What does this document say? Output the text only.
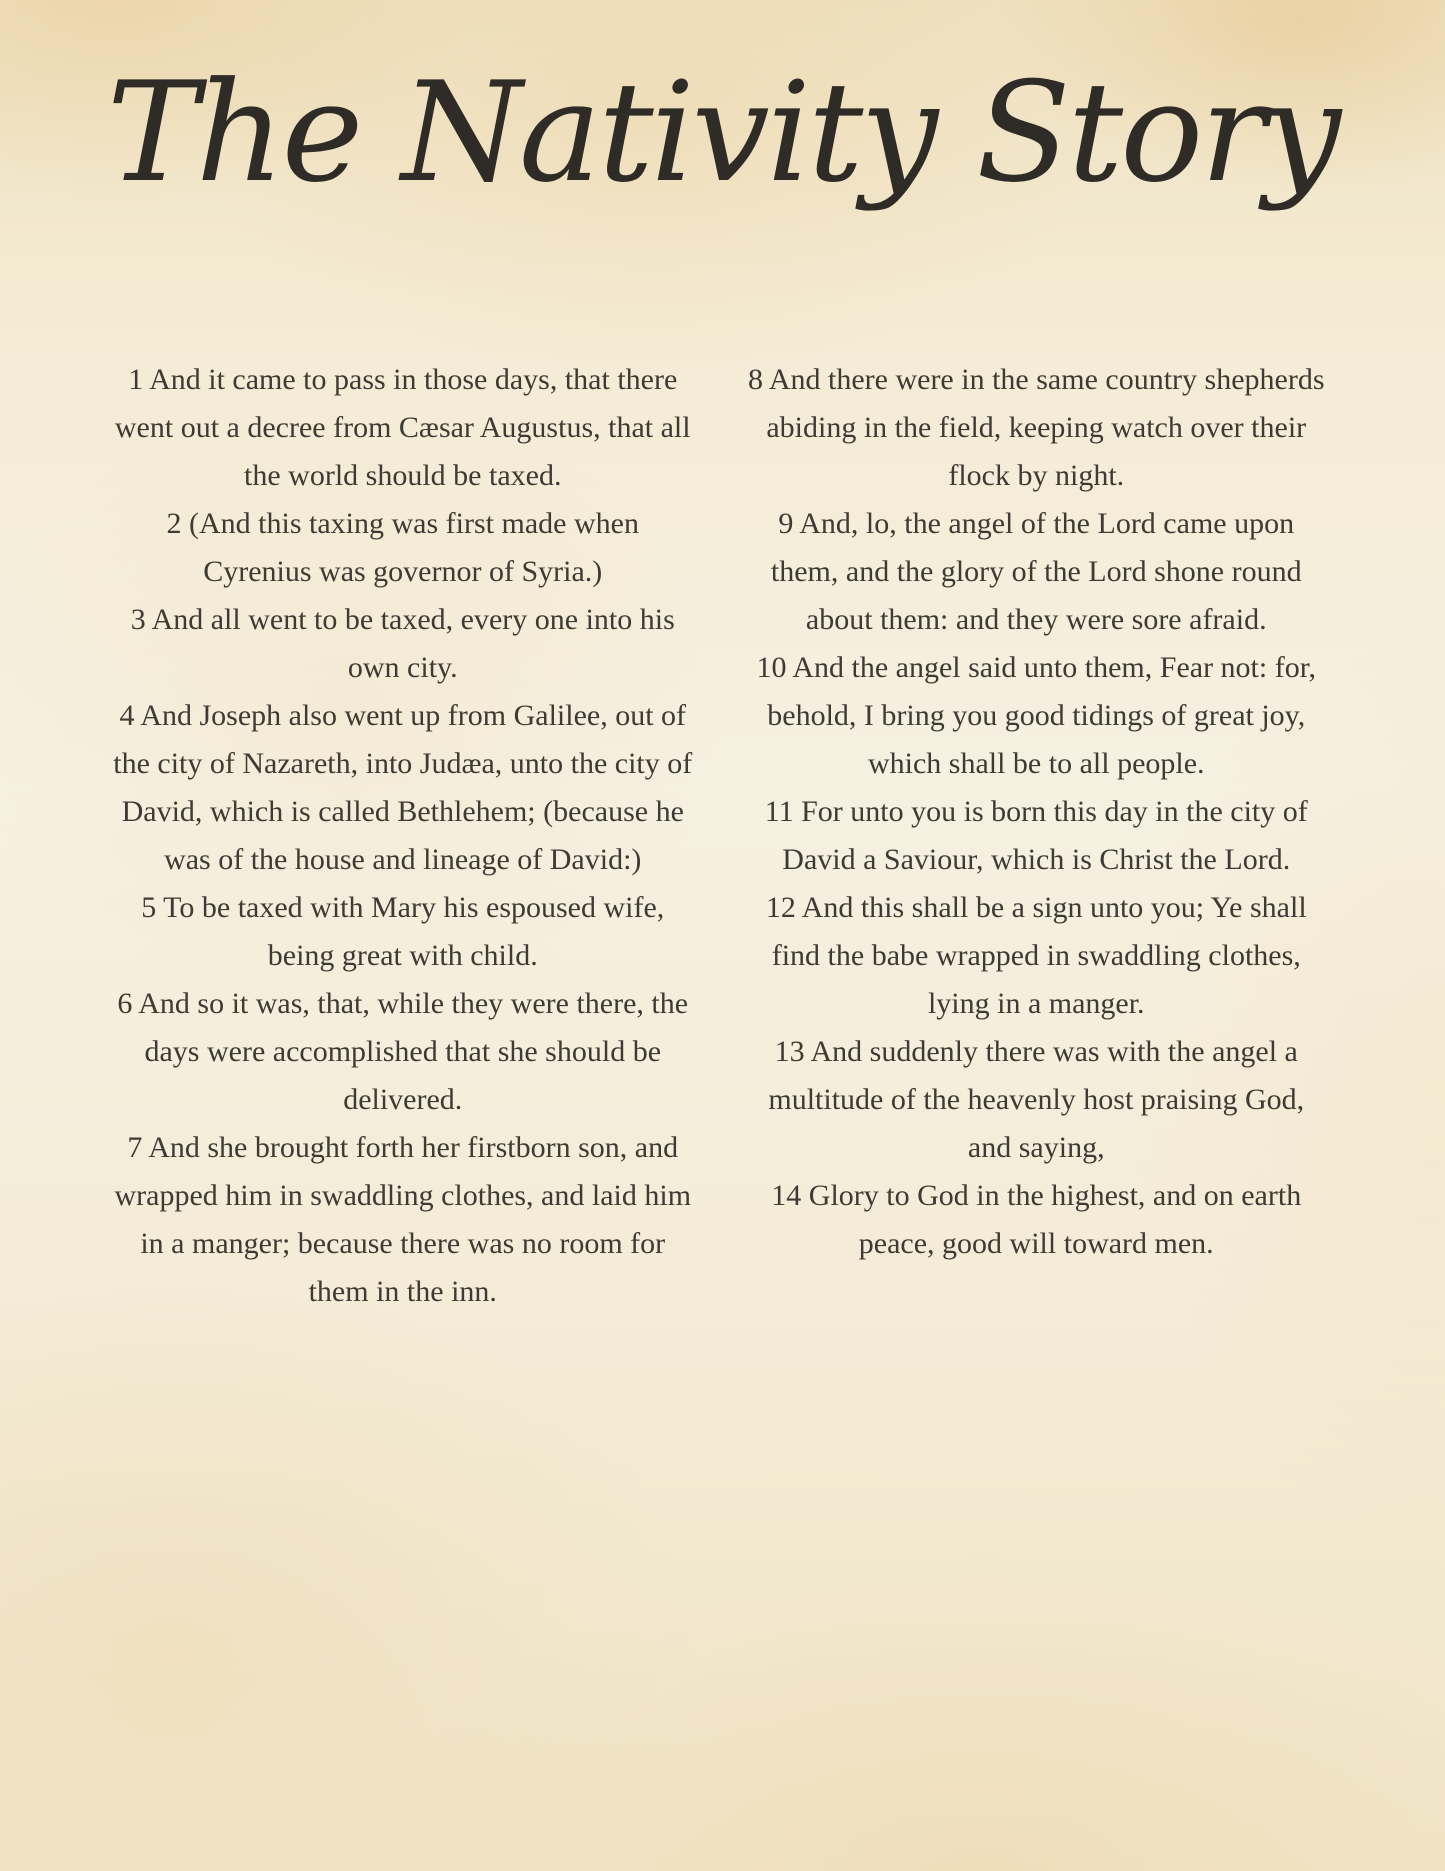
The Nativity Story

1 And it came to pass in those days, that there went out a decree from Cæsar Augustus, that all the world should be taxed.

2 (And this taxing was first made when Cyrenius was governor of Syria.)

3 And all went to be taxed, every one into his own city.

4 And Joseph also went up from Galilee, out of the city of Nazareth, into Judæa, unto the city of David, which is called Bethlehem; (because he was of the house and lineage of David:)

5 To be taxed with Mary his espoused wife, being great with child.

6 And so it was, that, while they were there, the days were accomplished that she should be delivered.

7 And she brought forth her firstborn son, and wrapped him in swaddling clothes, and laid him in a manger; because there was no room for them in the inn.

8 And there were in the same country shepherds abiding in the field, keeping watch over their flock by night.

9 And, lo, the angel of the Lord came upon them, and the glory of the Lord shone round about them: and they were sore afraid.

10 And the angel said unto them, Fear not: for, behold, I bring you good tidings of great joy, which shall be to all people.

11 For unto you is born this day in the city of David a Saviour, which is Christ the Lord.

12 And this shall be a sign unto you; Ye shall find the babe wrapped in swaddling clothes, lying in a manger.

13 And suddenly there was with the angel a multitude of the heavenly host praising God, and saying,

14 Glory to God in the highest, and on earth peace, good will toward men.
